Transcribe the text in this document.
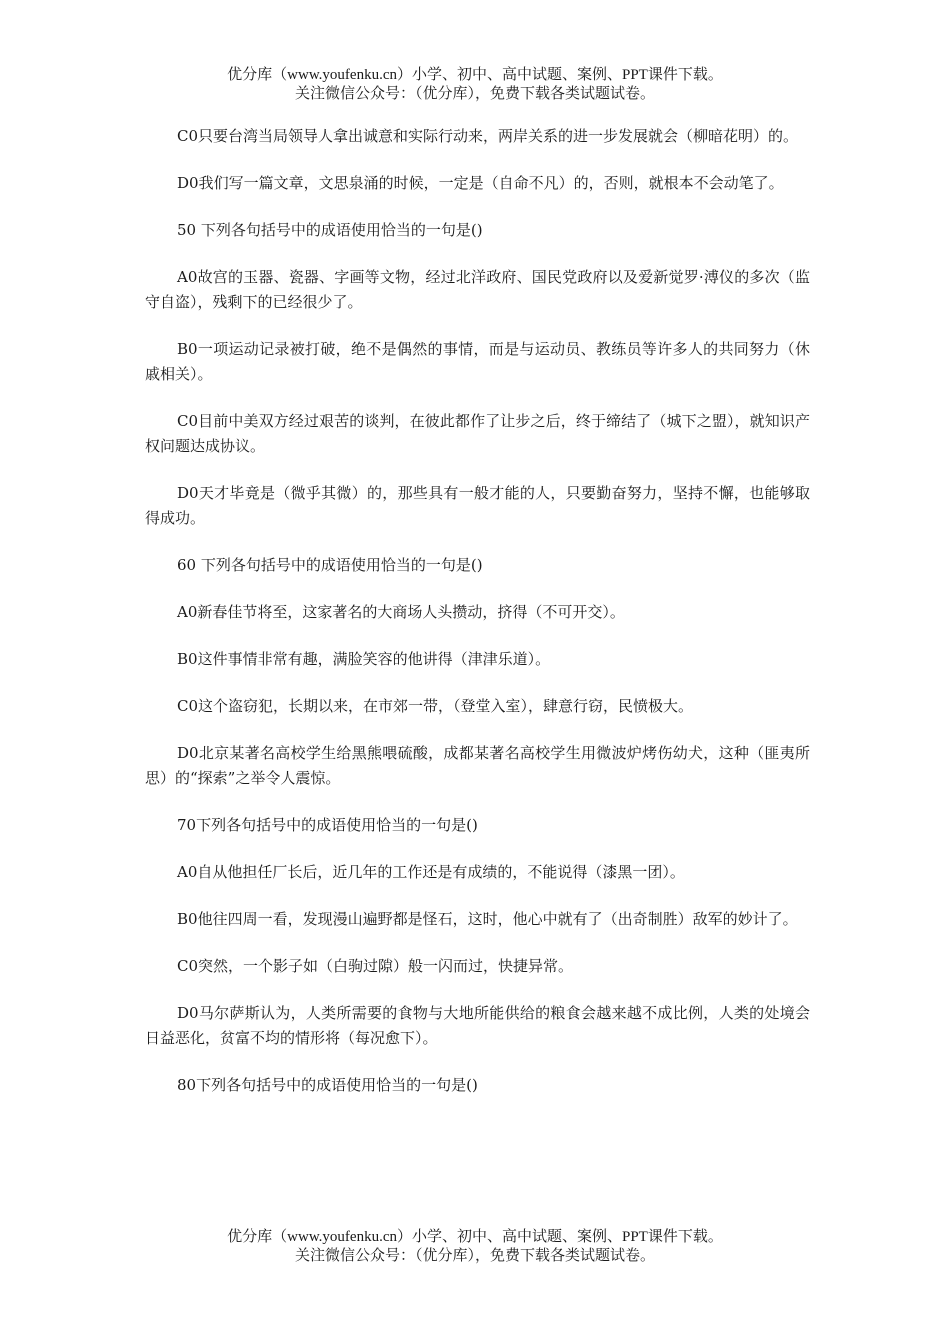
优分库（www.youfenku.cn）小学、初中、高中试题、案例、PPT课件下载。
关注微信公众号：（优分库），免费下载各类试题试卷。

C0只要台湾当局领导人拿出诚意和实际行动来，两岸关系的进一步发展就会（柳暗花明）的。

D0我们写一篇文章，文思泉涌的时候，一定是（自命不凡）的，否则，就根本不会动笔了。

50 下列各句括号中的成语使用恰当的一句是()

A0故宫的玉器、瓷器、字画等文物，经过北洋政府、国民党政府以及爱新觉罗·溥仪的多次（监守自盗），残剩下的已经很少了。

B0一项运动记录被打破，绝不是偶然的事情，而是与运动员、教练员等许多人的共同努力（休戚相关）。

C0目前中美双方经过艰苦的谈判，在彼此都作了让步之后，终于缔结了（城下之盟），就知识产权问题达成协议。

D0天才毕竟是（微乎其微）的，那些具有一般才能的人，只要勤奋努力，坚持不懈，也能够取得成功。

60 下列各句括号中的成语使用恰当的一句是()

A0新春佳节将至，这家著名的大商场人头攒动，挤得（不可开交）。

B0这件事情非常有趣，满脸笑容的他讲得（津津乐道）。

C0这个盗窃犯，长期以来，在市郊一带，（登堂入室），肆意行窃，民愤极大。

D0北京某著名高校学生给黑熊喂硫酸，成都某著名高校学生用微波炉烤伤幼犬，这种（匪夷所思）的“探索”之举令人震惊。

70下列各句括号中的成语使用恰当的一句是()

A0自从他担任厂长后，近几年的工作还是有成绩的，不能说得（漆黑一团）。

B0他往四周一看，发现漫山遍野都是怪石，这时，他心中就有了（出奇制胜）敌军的妙计了。

C0突然，一个影子如（白驹过隙）般一闪而过，快捷异常。

D0马尔萨斯认为，人类所需要的食物与大地所能供给的粮食会越来越不成比例，人类的处境会日益恶化，贫富不均的情形将（每况愈下）。

80下列各句括号中的成语使用恰当的一句是()

优分库（www.youfenku.cn）小学、初中、高中试题、案例、PPT课件下载。
关注微信公众号：（优分库），免费下载各类试题试卷。
